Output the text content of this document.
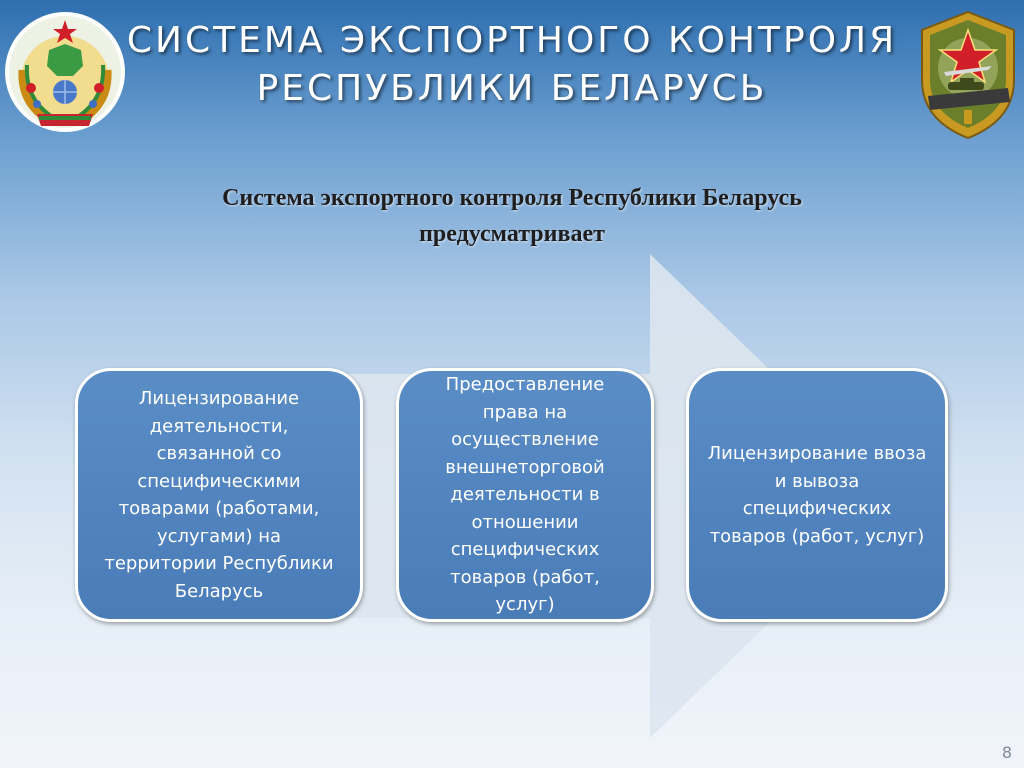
СИСТЕМА ЭКСПОРТНОГО КОНТРОЛЯ
РЕСПУБЛИКИ БЕЛАРУСЬ
Система экспортного контроля Республики Беларусь
предусматривает
Лицензирование деятельности, связанной со специфическими товарами (работами, услугами) на территории Республики Беларусь
Предоставление права на осуществление внешнеторговой деятельности в отношении специфических товаров (работ, услуг)
Лицензирование ввоза и вывоза специфических товаров (работ, услуг)
8
